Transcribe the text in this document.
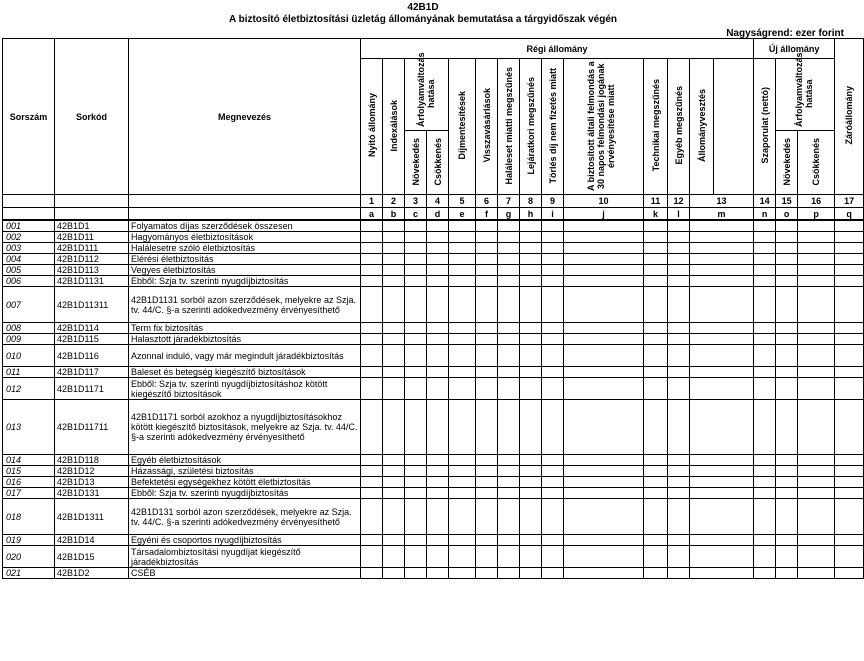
42B1D
A biztosító életbiztosítási üzletág állományának bemutatása a tárgyidőszak végén
Nagyságrend: ezer forint
Sorszám	Sorkód	Megnevezés	Régi állomány														Új állomány			Záróállomány	
			Nyitó állomány	Indexálások	Árfolyamváltozás hatása		Díjmentesítések	Visszavásárlások	Haláleset miatti megszűnés	Lejáratkori megszűnés	Törlés díj nem fizetés miatt	A biztosított általi felmondás a 30 napos felmondási jogának érvényesítése miatt	Technikai megszűnés	Egyéb megszűnés	Állományvesztés		Szaporulat (nettó)	Árfolyamváltozás hatása			
					Növekedés	Csökkenés												Növekedés	Csökkenés		
			1	2	3	4	5	6	7	8	9	10	11	12	13		14	15	16	17	
			a	b	c	d	e	f	g	h	i	j	k	l	m		n	o	p	q	
001	42B1D1	Folyamatos díjas szerződések összesen																			
002	42B1D11	Hagyományos életbiztosítások																			
003	42B1D111	Halálesetre szóló életbiztosítás																			
004	42B1D112	Elérési életbiztosítás																			
005	42B1D113	Vegyes életbiztosítás																			
006	42B1D1131	Ebből: Szja tv. szerinti nyugdíjbiztosítás																			
007	42B1D11311	42B1D1131 sorból azon szerződések, melyekre az Szja. tv. 44/C. §-a szerinti adókedvezmény érvényesíthető																			
008	42B1D114	Term fix biztosítás																			
009	42B1D115	Halasztott járadékbiztosítás																			
010	42B1D116	Azonnal induló, vagy már megindult járadékbiztosítás																			
011	42B1D117	Baleset és betegség kiegészítő biztosítások																			
012	42B1D1171	Ebből: Szja tv. szerinti nyugdíjbiztosításhoz kötött kiegészítő biztosítások																			
013	42B1D11711	42B1D1171 sorból azokhoz a nyugdíjbiztosításokhoz kötött kiegészítő biztosítások, melyekre az Szja. tv. 44/C. §-a szerinti adókedvezmény érvényesíthető																			
014	42B1D118	Egyéb életbiztosítások																			
015	42B1D12	Házassági, születési biztosítás																			
016	42B1D13	Befektetési egységekhez kötött életbiztosítás																			
017	42B1D131	Ebből: Szja tv. szerinti nyugdíjbiztosítás																			
018	42B1D1311	42B1D131 sorból azon szerződések, melyekre az Szja. tv. 44/C. §-a szerinti adókedvezmény érvényesíthető																			
019	42B1D14	Egyéni és csoportos nyugdíjbiztosítás																			
020	42B1D15	Társadalombiztosítási nyugdíjat kiegészítő járadékbiztosítás																			
021	42B1D2	CSÉB																			
